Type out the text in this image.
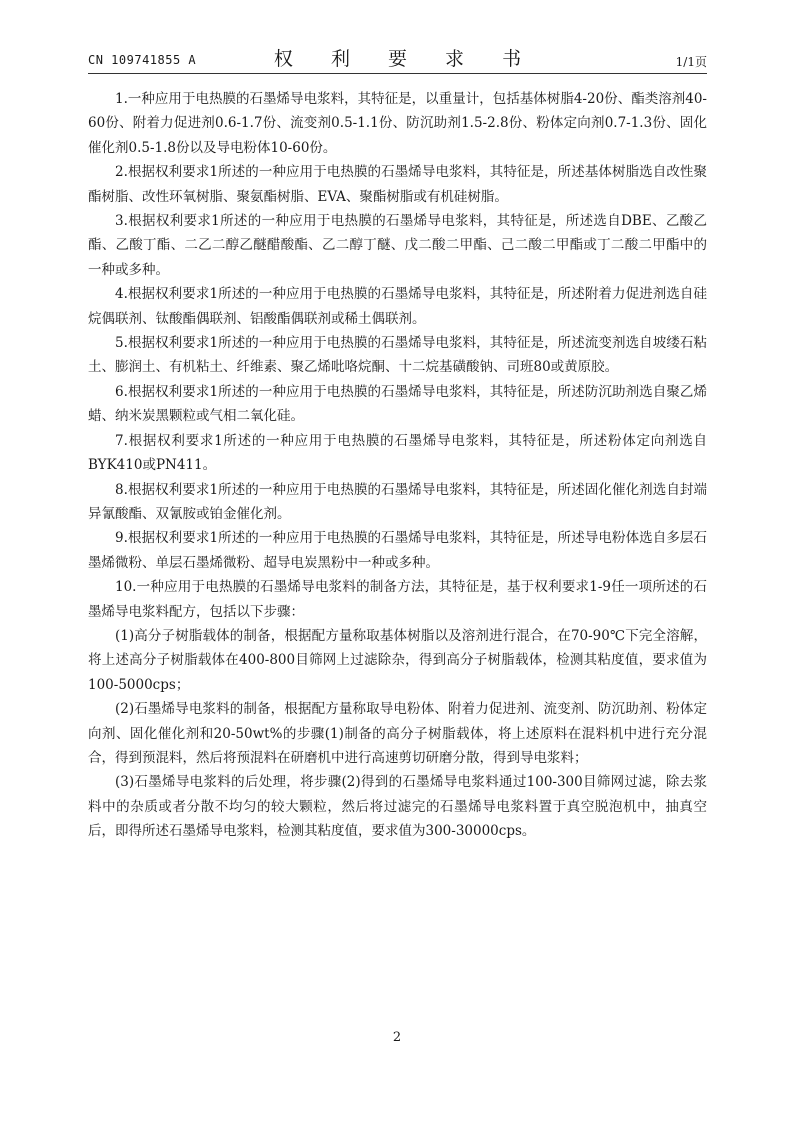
CN 109741855 A	权 利 要 求 书	1/1页

1.一种应用于电热膜的石墨烯导电浆料，其特征是，以重量计，包括基体树脂4-20份、酯类溶剂40-60份、附着力促进剂0.6-1.7份、流变剂0.5-1.1份、防沉助剂1.5-2.8份、粉体定向剂0.7-1.3份、固化催化剂0.5-1.8份以及导电粉体10-60份。

2.根据权利要求1所述的一种应用于电热膜的石墨烯导电浆料，其特征是，所述基体树脂选自改性聚酯树脂、改性环氧树脂、聚氨酯树脂、EVA、聚酯树脂或有机硅树脂。

3.根据权利要求1所述的一种应用于电热膜的石墨烯导电浆料，其特征是，所述选自DBE、乙酸乙酯、乙酸丁酯、二乙二醇乙醚醋酸酯、乙二醇丁醚、戊二酸二甲酯、己二酸二甲酯或丁二酸二甲酯中的一种或多种。

4.根据权利要求1所述的一种应用于电热膜的石墨烯导电浆料，其特征是，所述附着力促进剂选自硅烷偶联剂、钛酸酯偶联剂、铝酸酯偶联剂或稀土偶联剂。

5.根据权利要求1所述的一种应用于电热膜的石墨烯导电浆料，其特征是，所述流变剂选自坡缕石粘土、膨润土、有机粘土、纤维素、聚乙烯吡咯烷酮、十二烷基磺酸钠、司班80或黄原胶。

6.根据权利要求1所述的一种应用于电热膜的石墨烯导电浆料，其特征是，所述防沉助剂选自聚乙烯蜡、纳米炭黑颗粒或气相二氧化硅。

7.根据权利要求1所述的一种应用于电热膜的石墨烯导电浆料，其特征是，所述粉体定向剂选自BYK410或PN411。

8.根据权利要求1所述的一种应用于电热膜的石墨烯导电浆料，其特征是，所述固化催化剂选自封端异氰酸酯、双氰胺或铂金催化剂。

9.根据权利要求1所述的一种应用于电热膜的石墨烯导电浆料，其特征是，所述导电粉体选自多层石墨烯微粉、单层石墨烯微粉、超导电炭黑粉中一种或多种。

10.一种应用于电热膜的石墨烯导电浆料的制备方法，其特征是，基于权利要求1-9任一项所述的石墨烯导电浆料配方，包括以下步骤：

(1)高分子树脂载体的制备，根据配方量称取基体树脂以及溶剂进行混合，在70-90℃下完全溶解，将上述高分子树脂载体在400-800目筛网上过滤除杂，得到高分子树脂载体，检测其粘度值，要求值为100-5000cps；

(2)石墨烯导电浆料的制备，根据配方量称取导电粉体、附着力促进剂、流变剂、防沉助剂、粉体定向剂、固化催化剂和20-50wt%的步骤(1)制备的高分子树脂载体，将上述原料在混料机中进行充分混合，得到预混料，然后将预混料在研磨机中进行高速剪切研磨分散，得到导电浆料；

(3)石墨烯导电浆料的后处理，将步骤(2)得到的石墨烯导电浆料通过100-300目筛网过滤，除去浆料中的杂质或者分散不均匀的较大颗粒，然后将过滤完的石墨烯导电浆料置于真空脱泡机中，抽真空后，即得所述石墨烯导电浆料，检测其粘度值，要求值为300-30000cps。

2
